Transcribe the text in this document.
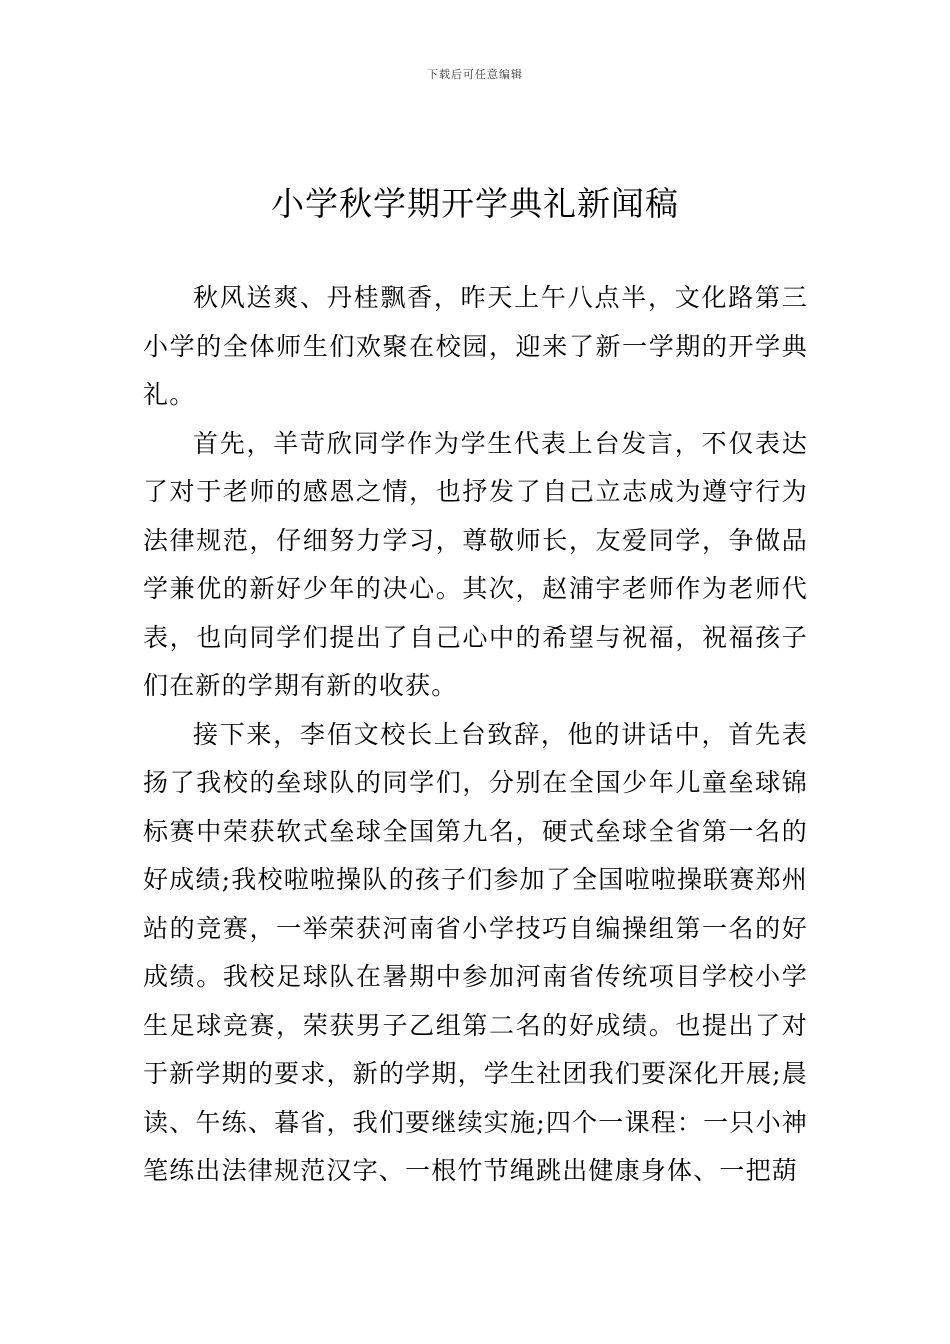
下载后可任意编辑
小学秋学期开学典礼新闻稿

秋风送爽、丹桂飘香，昨天上午八点半，文化路第三小学的全体师生们欢聚在校园，迎来了新一学期的开学典礼。

首先，羊苛欣同学作为学生代表上台发言，不仅表达了对于老师的感恩之情，也抒发了自己立志成为遵守行为法律规范，仔细努力学习，尊敬师长，友爱同学，争做品学兼优的新好少年的决心。其次，赵浦宇老师作为老师代表，也向同学们提出了自己心中的希望与祝福，祝福孩子们在新的学期有新的收获。

接下来，李佰文校长上台致辞，他的讲话中，首先表扬了我校的垒球队的同学们，分别在全国少年儿童垒球锦标赛中荣获软式垒球全国第九名，硬式垒球全省第一名的好成绩;我校啦啦操队的孩子们参加了全国啦啦操联赛郑州站的竞赛，一举荣获河南省小学技巧自编操组第一名的好成绩。我校足球队在暑期中参加河南省传统项目学校小学生足球竞赛，荣获男子乙组第二名的好成绩。也提出了对于新学期的要求，新的学期，学生社团我们要深化开展;晨读、午练、暮省，我们要继续实施;四个一课程：一只小神笔练出法律规范汉字、一根竹节绳跳出健康身体、一把葫
